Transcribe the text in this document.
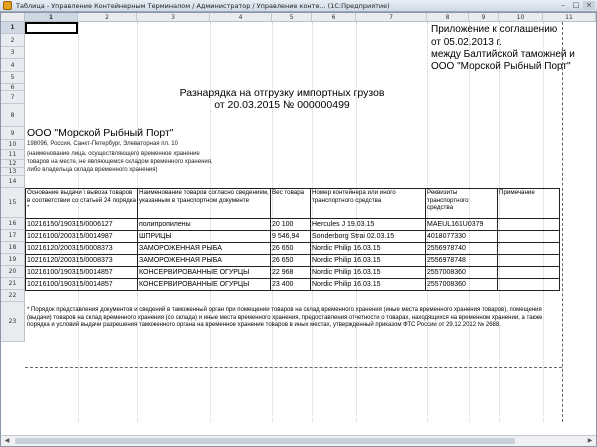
Таблица - Управление Контейнерным Терминалом / Администратор / Управление конте... (1С:Предприятие)	–	□ ×
1	2	3	4	5	6	7	8	9	10	11
1
2
3
4
5
6
7
8
9
10
11
12
13
14
15
16
17
18
19
20
21
22
23
Приложение к соглашению
от 05.02.2013 г.
между Балтийской таможней и
ООО "Морской Рыбный Порт"
Разнарядка на отгрузку импортных грузов
от 20.03.2015 № 000000499
ООО "Морской Рыбный Порт"
198096, Россия, Санкт-Петербург, Элеваторная пл. 10
(наименование лица, осуществляющего временное хранение
товаров на месте, не являющемся складом временного хранения,
либо владельца склада временного хранения)
Основание выдачи \ вывоза товаров в соответствии со статьей 24 порядка *	Наименование товаров согласно сведениям, указанным в транспортном документе	Вес товара	Номер контейнера или иного транспортного средства	Реквизиты транспортного средства	Примечание
10216150/190315/0006127	полипропилены	20 100	Hercules J 19.03.15	MAEUL161U0379	
10216100/200315/0014987	ШПРИЦЫ	9 546,94	Sonderborg Strai 02.03.15	4018077330	
10216120/200315/0008373	ЗАМОРОЖЕННАЯ РЫБА	26 650	Nordic Philip 16.03.15	2556978740	
10216120/200315/0008373	ЗАМОРОЖЕННАЯ РЫБА	26 650	Nordic Philip 16.03.15	2556978748	
10216100/190315/0014857	КОНСЕРВИРОВАННЫЕ ОГУРЦЫ	22 968	Nordic Philip 16.03.15	2557008360	
10216100/190315/0014857	КОНСЕРВИРОВАННЫЕ ОГУРЦЫ	23 400	Nordic Philip 16.03.15	2557008360	
* Порядок представления документов и сведений в таможенный орган при помещении товаров на склад временного хранения (иные места временного хранения товаров), помещения (выдачи) товаров на склад временного хранения (со склада) и иные места временного хранения, предоставления отчетности о товарах, находящихся на временном хранении, а также порядка и условий выдачи разрешения таможенного органа на временное хранение товаров в иных местах, утвержденный приказом ФТС России от 29.12.2012 № 2688.
◀	▶
